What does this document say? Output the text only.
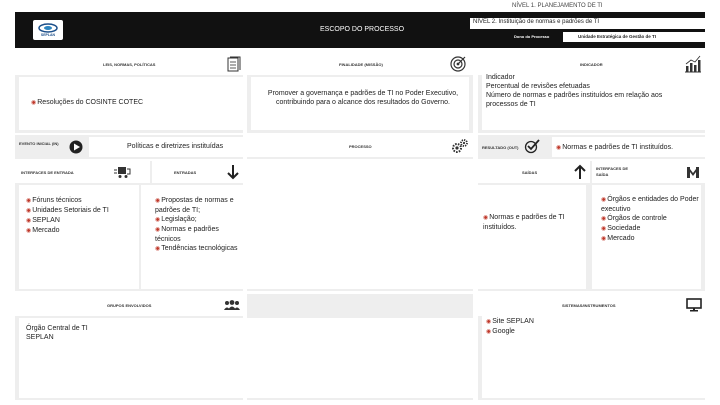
NÍVEL 1. PLANEJAMENTO DE TI
SEPLAN
ESCOPO DO PROCESSO
NÍVEL 2. Instituição de normas e padrões de TI
Dono do Processo	Unidade Estratégica de Gestão de TI
LEIS, NORMAS, POLÍTICAS
◉ Resoluções do COSINTE COTEC
FINALIDADE (MISSÃO)
Promover a governança e padrões de TI no Poder Executivo, contribuindo para o alcance dos resultados do Governo.
INDICADOR
Indicador
Percentual de revisões efetuadas
Número de normas e padrões instituídos em relação aos processos de TI
EVENTO INICIAL (IN)	Políticas e diretrizes instituídas
INTERFACES DE ENTRADA	ENTRADAS
◉ Fóruns técnicos
◉ Unidades Setoriais de TI
◉ SEPLAN
◉ Mercado
◉ Propostas de normas e padrões de TI;
◉ Legislação;
◉ Normas e padrões técnicos
◉ Tendências tecnológicas
PROCESSO	RESULTADO (OUT)
◉	Normas e padrões de TI instituídos.
SAÍDAS
INTERFACES DE SAÍDA
◉ Normas e padrões de TI instituídos.
◉ Órgãos e entidades do Poder executivo
◉ Órgãos de controle
◉ Sociedade
◉ Mercado
GRUPOS ENVOLVIDOS
Órgão Central de TI
SEPLAN
SISTEMAS/INSTRUMENTOS
◉ Site SEPLAN
◉ Google
